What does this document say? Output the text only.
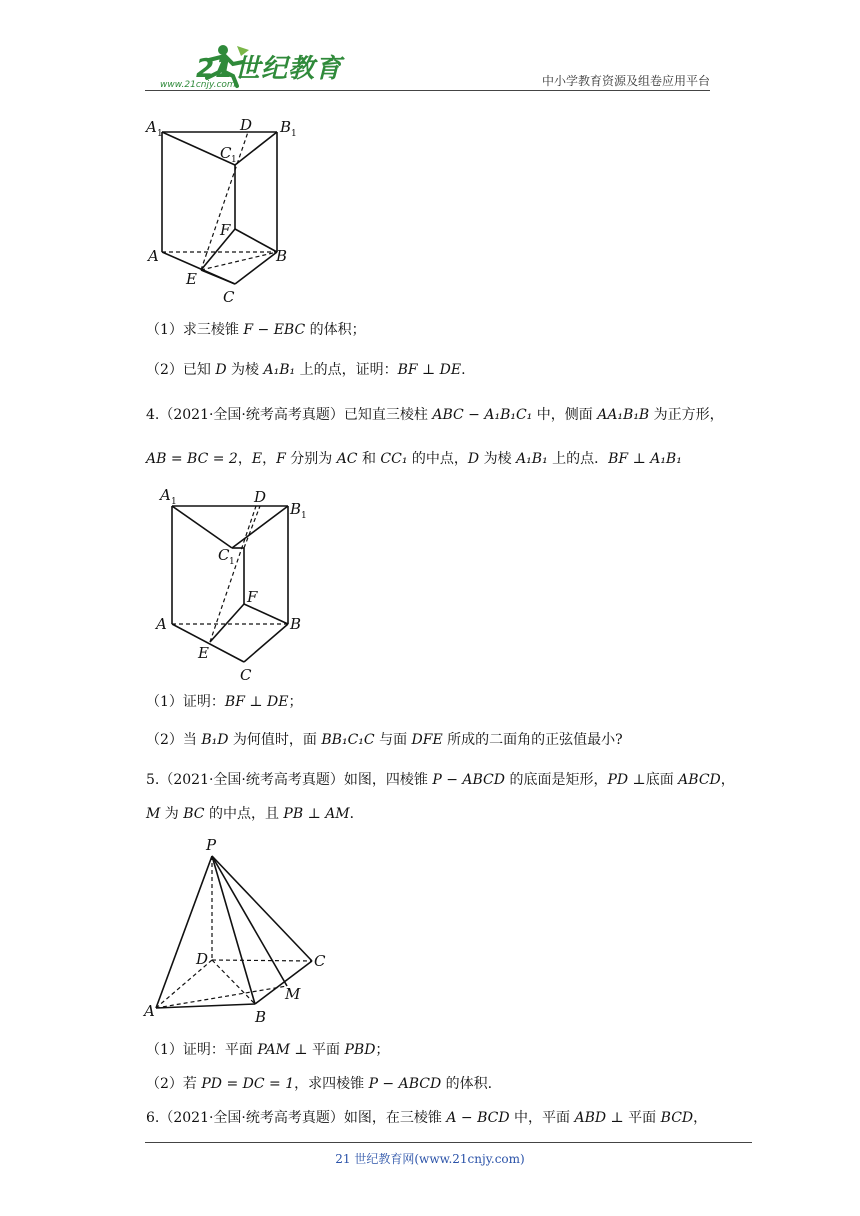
21世纪教育
www.21cnjy.com	中小学教育资源及组卷应用平台
A 1	D B 1
C 1
F
A	B
E
C
（1）求三棱锥 F − EBC 的体积；
（2）已知 D 为棱 A₁B₁ 上的点，证明：BF ⊥ DE.
4.（2021·全国·统考高考真题）已知直三棱柱 ABC − A₁B₁C₁ 中，侧面 AA₁B₁B 为正方形，
AB = BC = 2，E，F 分别为 AC 和 CC₁ 的中点，D 为棱 A₁B₁ 上的点．BF ⊥ A₁B₁
A 1	D
B 1
C 1
F
A	B
E
C
（1）证明：BF ⊥ DE；
（2）当 B₁D 为何值时，面 BB₁C₁C 与面 DFE 所成的二面角的正弦值最小?
5.（2021·全国·统考高考真题）如图，四棱锥 P − ABCD 的底面是矩形，PD ⊥底面 ABCD，
M 为 BC 的中点，且 PB ⊥ AM．
P
D	C
M
A	B
（1）证明：平面 PAM ⊥ 平面 PBD；
（2）若 PD = DC = 1，求四棱锥 P − ABCD 的体积.
6.（2021·全国·统考高考真题）如图，在三棱锥 A − BCD 中，平面 ABD ⊥ 平面 BCD，
21 世纪教育网(www.21cnjy.com)
